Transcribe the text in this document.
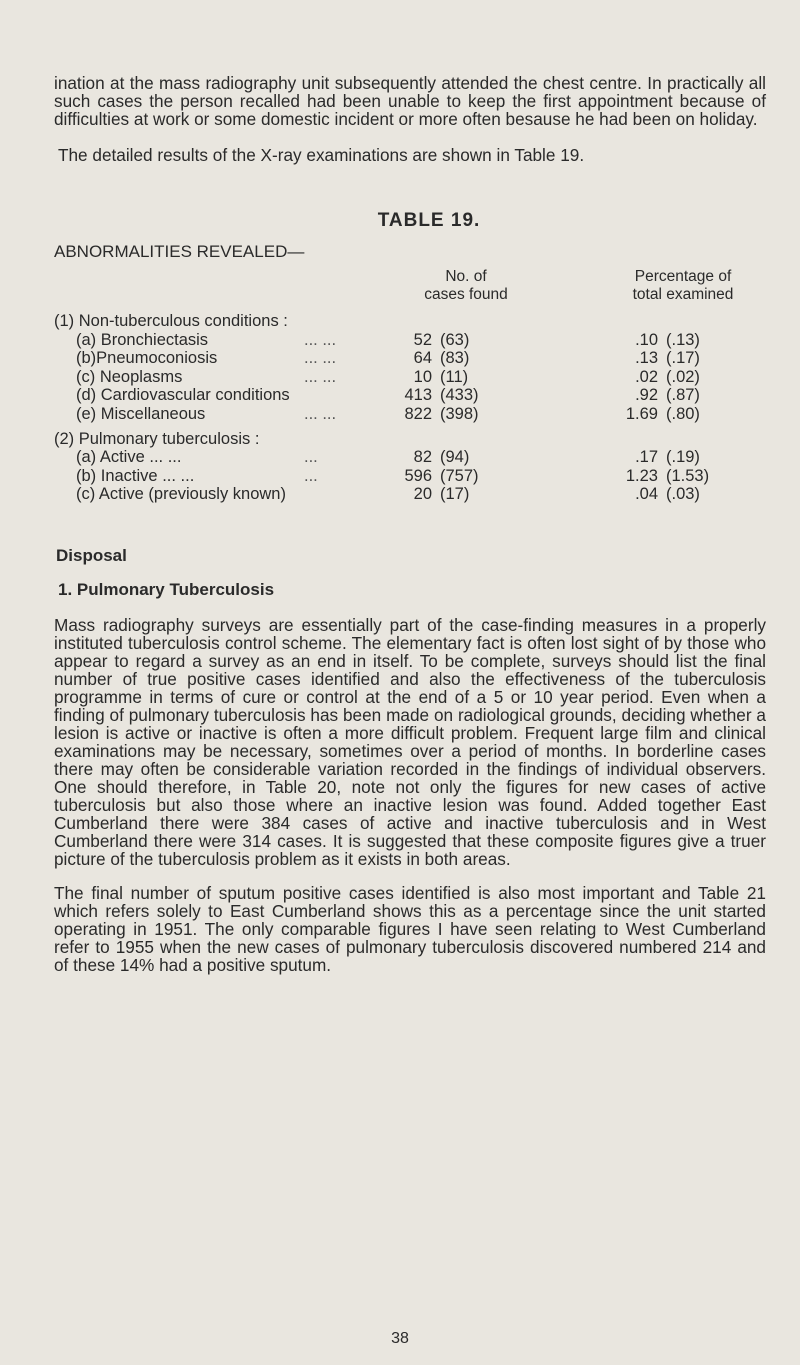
ination at the mass radiography unit subsequently attended the chest centre. In practically all such cases the person recalled had been unable to keep the first appointment because of difficulties at work or some domestic incident or more often besause he had been on holiday.

The detailed results of the X-ray examinations are shown in Table 19.

TABLE 19.
ABNORMALITIES REVEALED—
No. of
cases found
Percentage of
total examined
(1) Non-tuberculous conditions :
(a) Bronchiectasis	... ...	52 (63)	.10 (.13)
(b)Pneumoconiosis	... ...	64 (83)	.13 (.17)
(c) Neoplasms	... ...	10 (11)	.02 (.02)
(d) Cardiovascular conditions	413 (433)	.92 (.87)
(e) Miscellaneous	... ...	822 (398)	1.69 (.80)
(2) Pulmonary tuberculosis :
(a) Active ... ...	...	82 (94)	.17 (.19)
(b) Inactive ... ...	...	596 (757)	1.23 (1.53)
(c) Active (previously known)	20 (17)	.04 (.03)
Disposal
1. Pulmonary Tuberculosis

Mass radiography surveys are essentially part of the case-finding measures in a properly instituted tuberculosis control scheme. The elementary fact is often lost sight of by those who appear to regard a survey as an end in itself. To be complete, surveys should list the final number of true positive cases identified and also the effectiveness of the tuberculosis programme in terms of cure or control at the end of a 5 or 10 year period. Even when a finding of pulmonary tuberculosis has been made on radiological grounds, deciding whether a lesion is active or inactive is often a more difficult problem. Frequent large film and clinical examinations may be necessary, sometimes over a period of months. In borderline cases there may often be considerable variation recorded in the findings of individual observers. One should therefore, in Table 20, note not only the figures for new cases of active tuberculosis but also those where an inactive lesion was found. Added together East Cumberland there were 384 cases of active and inactive tuberculosis and in West Cumberland there were 314 cases. It is suggested that these composite figures give a truer picture of the tuberculosis problem as it exists in both areas.

The final number of sputum positive cases identified is also most important and Table 21 which refers solely to East Cumberland shows this as a percentage since the unit started operating in 1951. The only comparable figures I have seen relating to West Cumberland refer to 1955 when the new cases of pulmonary tuberculosis discovered numbered 214 and of these 14% had a positive sputum.

38
